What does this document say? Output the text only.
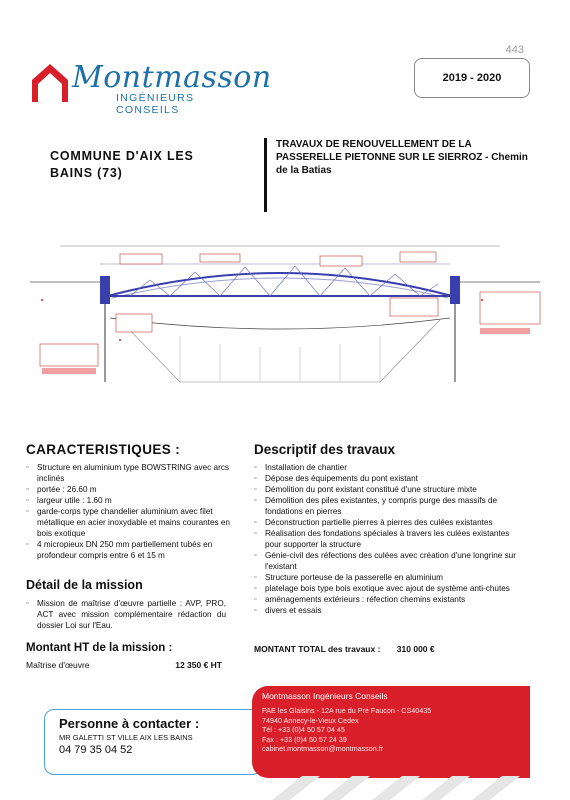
443
Montmasson
INGÉNIEURS CONSEILS
2019 - 2020
COMMUNE D'AIX LES BAINS (73)
TRAVAUX DE RENOUVELLEMENT DE LA PASSERELLE PIETONNE SUR LE SIERROZ - Chemin de la Batias
CARACTERISTIQUES :
▫ Structure en aluminium type BOWSTRING avec arcs inclinés
▫ portée : 26.60 m
▫ largeur utile : 1.60 m
▫ garde-corps type chandelier aluminium avec filet métallique en acier inoxydable et mains courantes en bois exotique
▫ 4 micropieux DN 250 mm partiellement tubés en profondeur compris entre 6 et 15 m
Descriptif des travaux
▫ Installation de chantier
▫ Dépose des équipements du pont existant
▫ Démolition du pont existant constitué d'une structure mixte
▫ Démolition des piles existantes, y compris purge des massifs de fondations en pierres
▫ Déconstruction partielle pierres à pierres des culées existantes
▫ Réalisation des fondations spéciales à travers les culées existantes pour supporter la structure
▫ Génie-civil des réfections des culées avec création d'une longrine sur l'existant
▫ Structure porteuse de la passerelle en aluminium
▫ platelage bois type bois exotique avec ajout de système anti-chutes
▫ aménagements extérieurs : réfection chemins existants
▫ divers et essais
Détail de la mission
▫ Mission de maîtrise d'œuvre partielle : AVP, PRO, ACT avec mission complémentaire rédaction du dossier Loi sur l'Eau.
Montant HT de la mission :
Maîtrise d'œuvre	12 350 € HT
MONTANT TOTAL des travaux : 310 000 €
Personne à contacter :
MR GALETTI ST VILLE AIX LES BAINS
04 79 35 04 52
Montmasson Ingénieurs Conseils
PAE les Glaisins - 12A rue du Pré Faucon - CS40435
74940 Annecy-le-Vieux Cedex
Tél : +33 (0)4 50 57 04 45
Fax : +33 (0)4 50 57 24 39
cabinet.montmasson@montmasson.fr
